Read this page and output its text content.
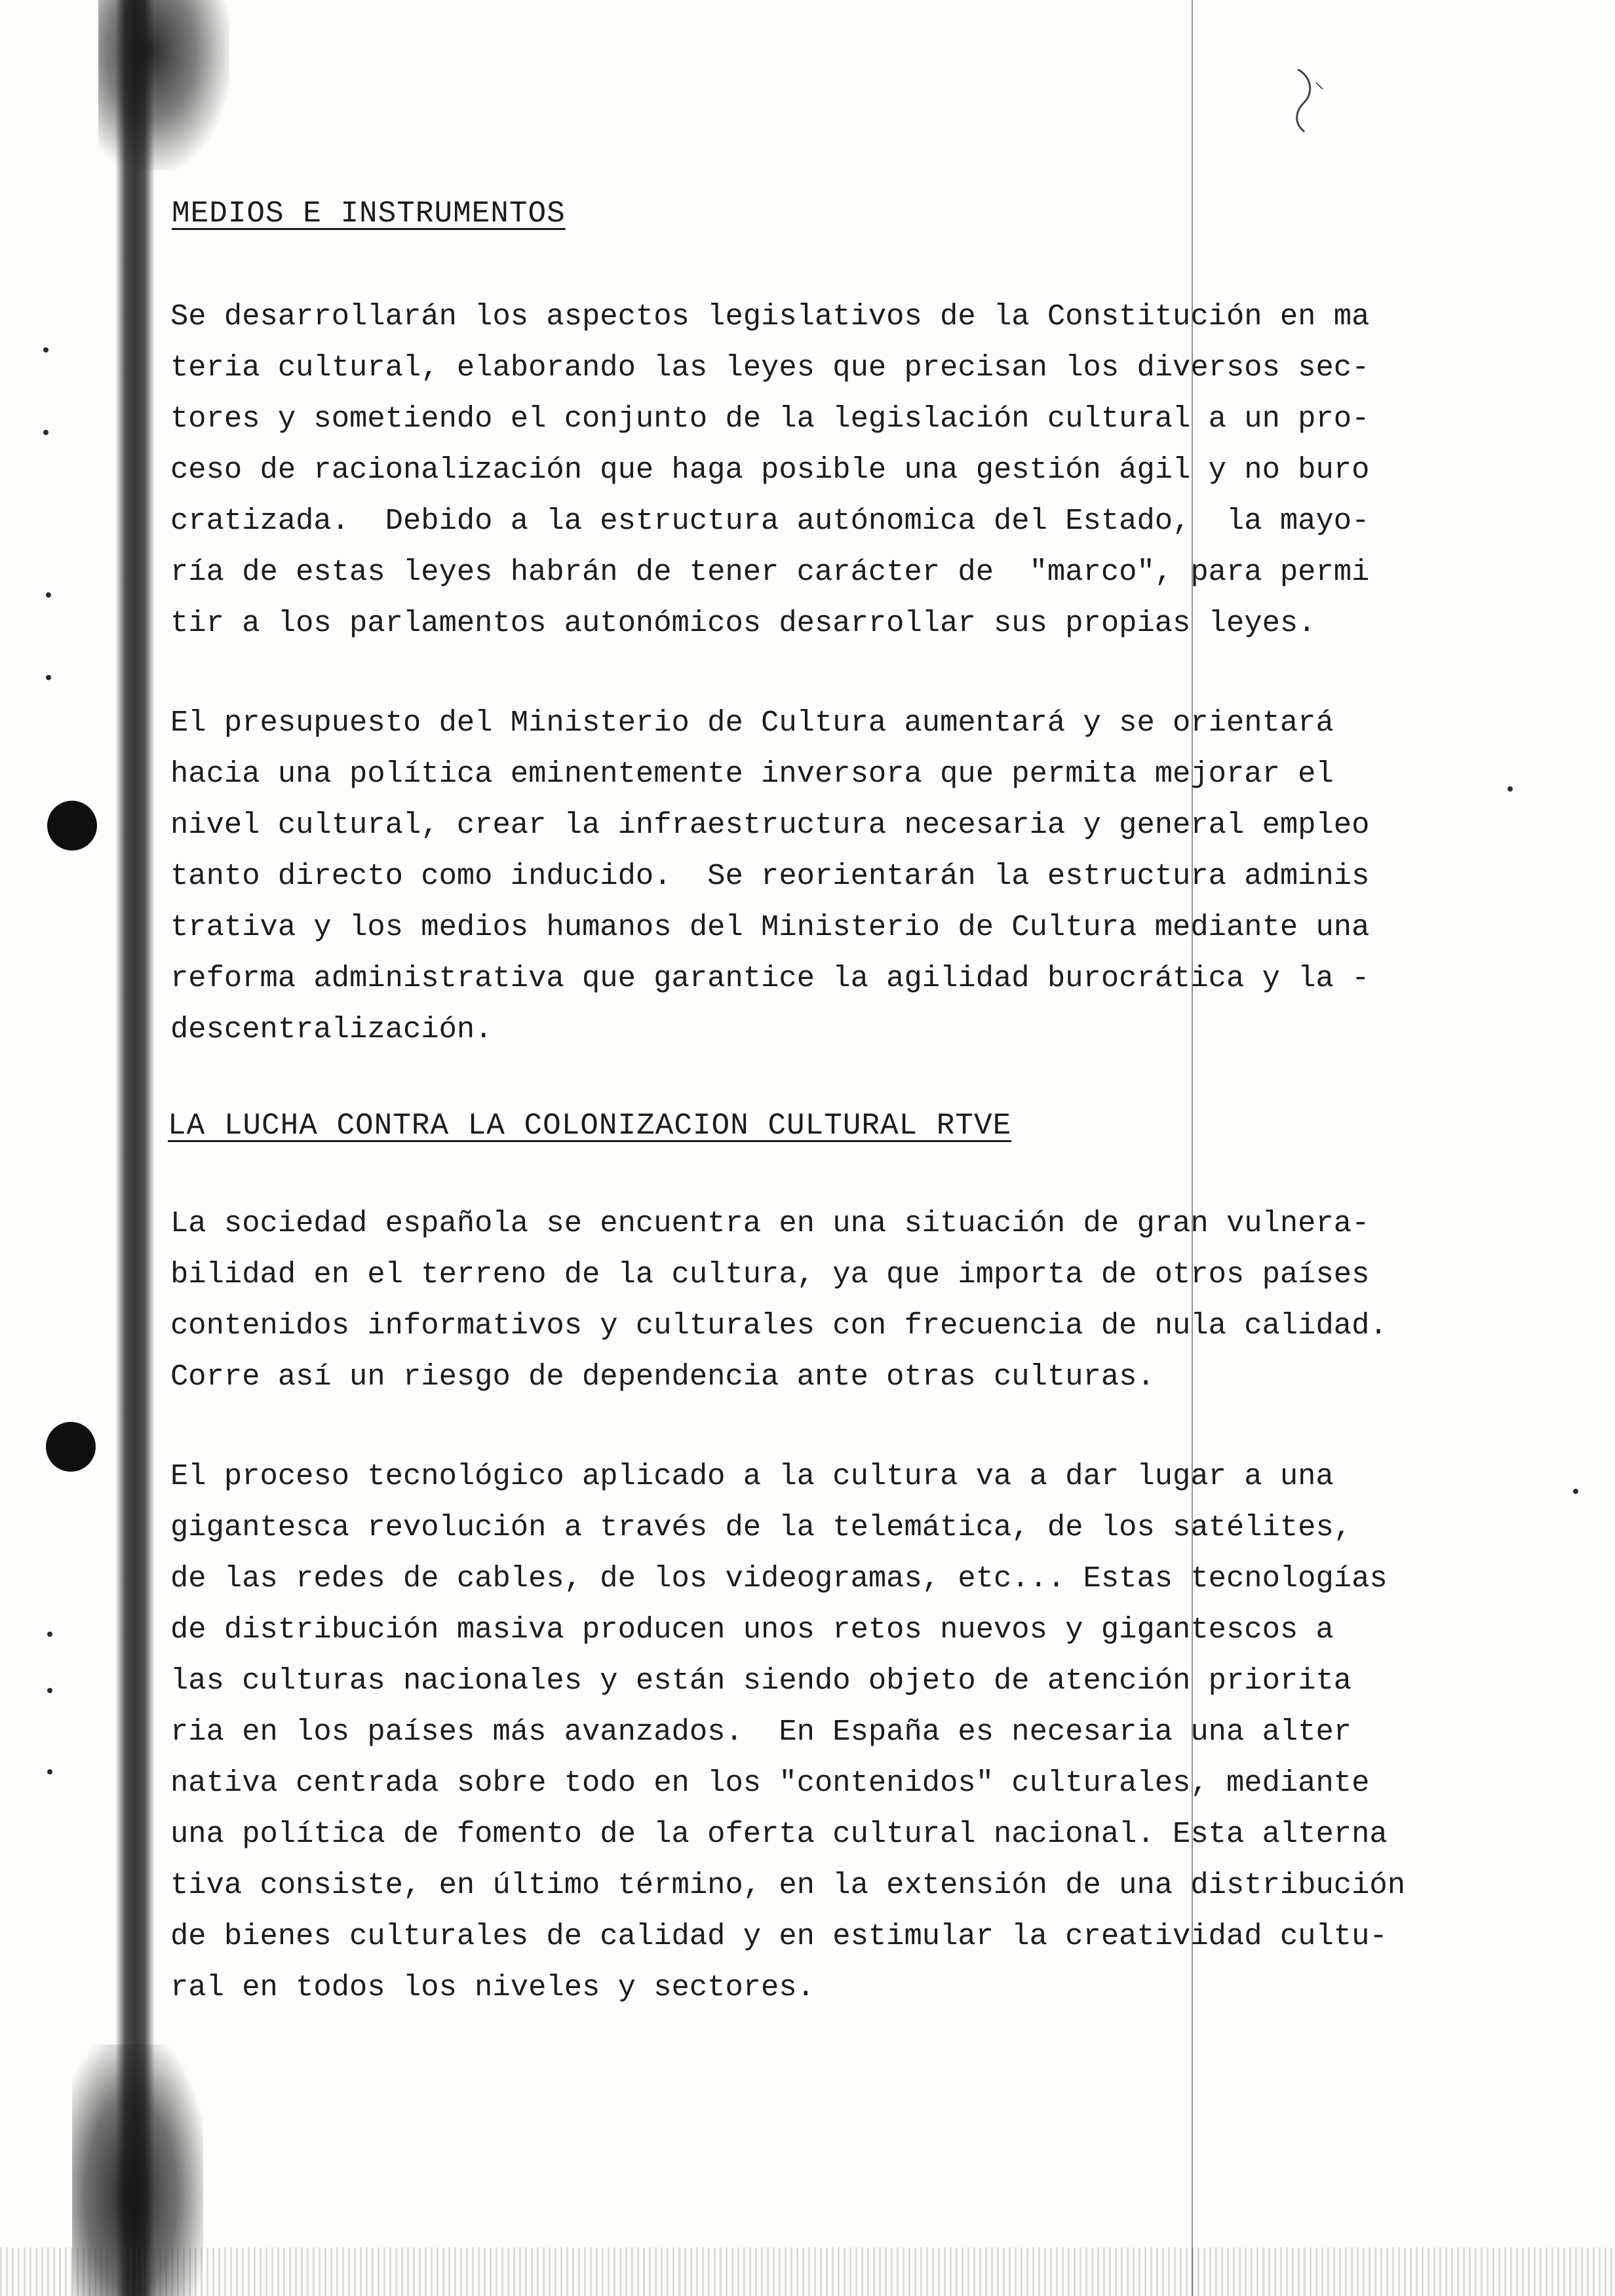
MEDIOS E INSTRUMENTOS
Se desarrollarán los aspectos legislativos de la Constitución en ma
teria cultural, elaborando las leyes que precisan los diversos sec-
tores y sometiendo el conjunto de la legislación cultural a un pro-
ceso de racionalización que haga posible una gestión ágil y no buro
cratizada.  Debido a la estructura autónomica del Estado,  la mayo-
ría de estas leyes habrán de tener carácter de  "marco", para permi
tir a los parlamentos autonómicos desarrollar sus propias leyes.
El presupuesto del Ministerio de Cultura aumentará y se orientará
hacia una política eminentemente inversora que permita mejorar el
nivel cultural, crear la infraestructura necesaria y general empleo
tanto directo como inducido.  Se reorientarán la estructura adminis
trativa y los medios humanos del Ministerio de Cultura mediante una
reforma administrativa que garantice la agilidad burocrática y la -
descentralización.
LA LUCHA CONTRA LA COLONIZACION CULTURAL RTVE
La sociedad española se encuentra en una situación de gran vulnera-
bilidad en el terreno de la cultura, ya que importa de otros países
contenidos informativos y culturales con frecuencia de nula calidad.
Corre así un riesgo de dependencia ante otras culturas.
El proceso tecnológico aplicado a la cultura va a dar lugar a una
gigantesca revolución a través de la telemática, de los satélites,
de las redes de cables, de los videogramas, etc... Estas tecnologías
de distribución masiva producen unos retos nuevos y gigantescos a
las culturas nacionales y están siendo objeto de atención priorita
ria en los países más avanzados.  En España es necesaria una alter
nativa centrada sobre todo en los "contenidos" culturales, mediante
una política de fomento de la oferta cultural nacional. Esta alterna
tiva consiste, en último término, en la extensión de una distribución
de bienes culturales de calidad y en estimular la creatividad cultu-
ral en todos los niveles y sectores.
